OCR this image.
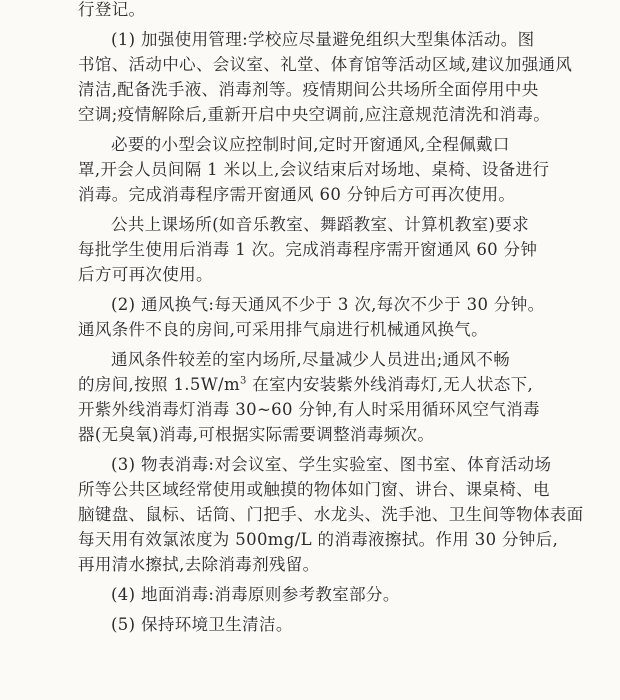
行登记。
(1) 加强使用管理:学校应尽量避免组织大型集体活动。图
书馆、活动中心、会议室、礼堂、体育馆等活动区域,建议加强通风
清洁,配备洗手液、消毒剂等。疫情期间公共场所全面停用中央
空调;疫情解除后,重新开启中央空调前,应注意规范清洗和消毒。
必要的小型会议应控制时间,定时开窗通风,全程佩戴口
罩,开会人员间隔 1 米以上,会议结束后对场地、桌椅、设备进行
消毒。完成消毒程序需开窗通风 60 分钟后方可再次使用。
公共上课场所(如音乐教室、舞蹈教室、计算机教室)要求
每批学生使用后消毒 1 次。完成消毒程序需开窗通风 60 分钟
后方可再次使用。
(2) 通风换气:每天通风不少于 3 次,每次不少于 30 分钟。
通风条件不良的房间,可采用排气扇进行机械通风换气。
通风条件较差的室内场所,尽量减少人员进出;通风不畅
的房间,按照 $1.5W/m^3$ 在室内安装紫外线消毒灯,无人状态下,
开紫外线消毒灯消毒 30~60 分钟,有人时采用循环风空气消毒
器(无臭氧)消毒,可根据实际需要调整消毒频次。
(3) 物表消毒:对会议室、学生实验室、图书室、体育活动场
所等公共区域经常使用或触摸的物体如门窗、讲台、课桌椅、电
脑键盘、鼠标、话筒、门把手、水龙头、洗手池、卫生间等物体表面
每天用有效氯浓度为 500mg/L 的消毒液擦拭。作用 30 分钟后,
再用清水擦拭,去除消毒剂残留。
(4) 地面消毒:消毒原则参考教室部分。
(5) 保持环境卫生清洁。
